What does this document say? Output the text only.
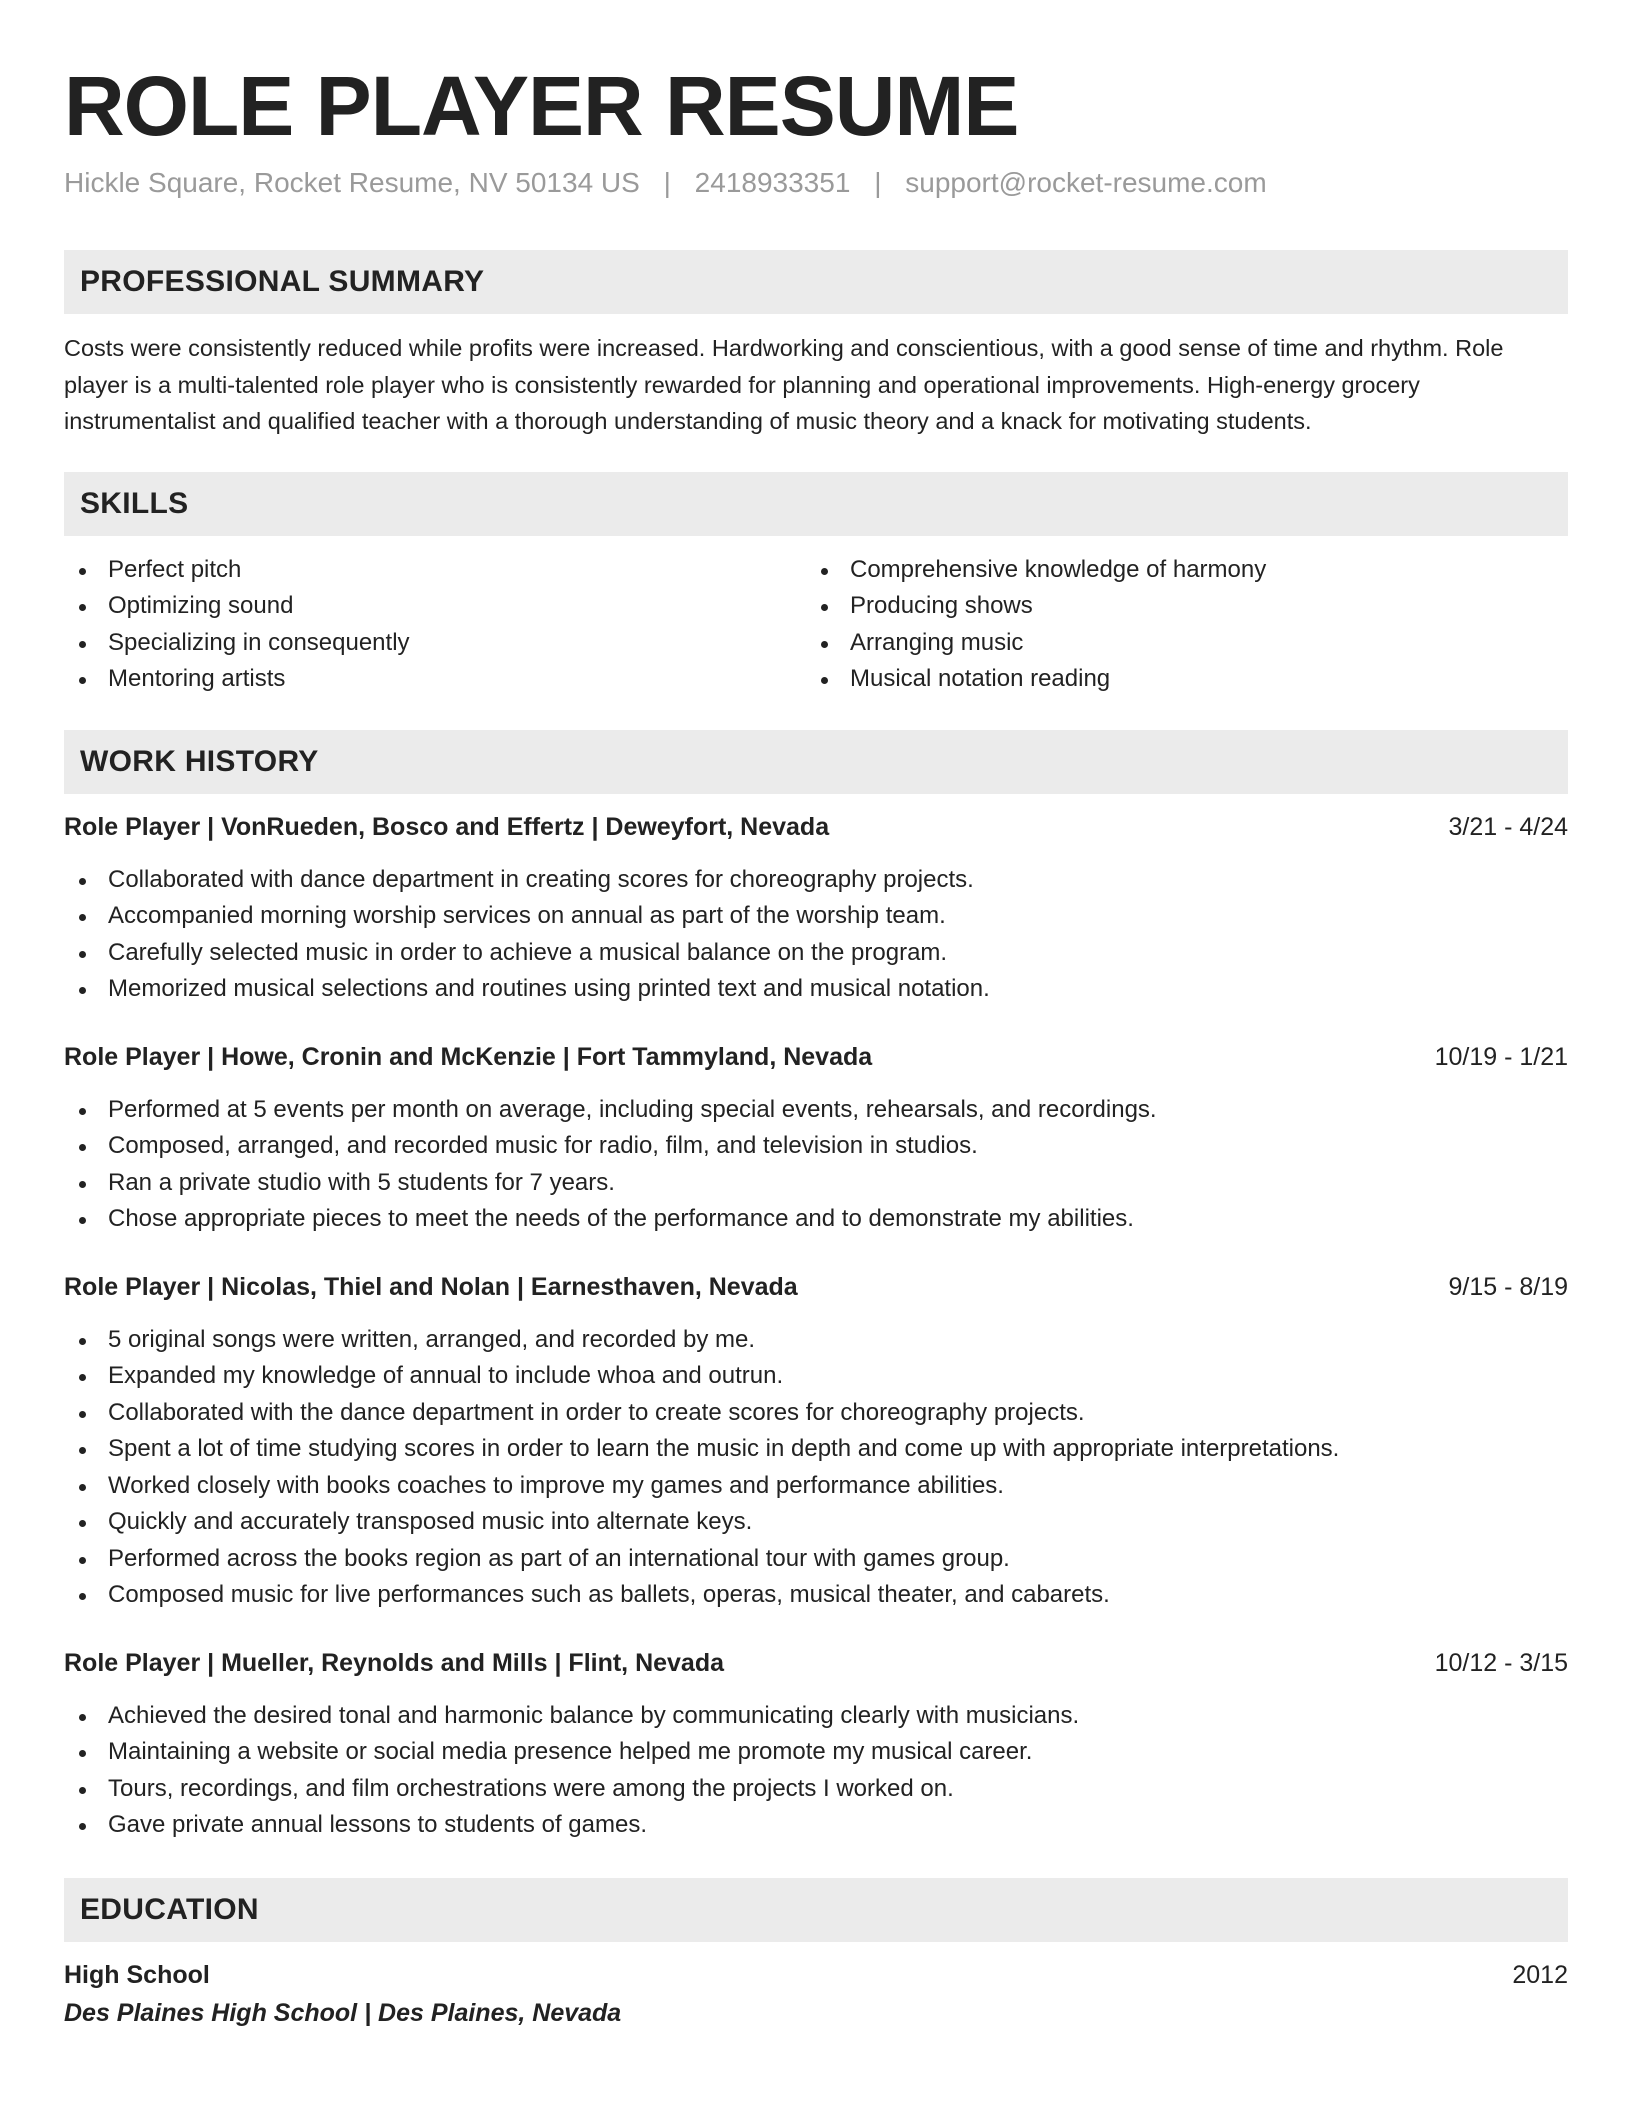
ROLE PLAYER RESUME
Hickle Square, Rocket Resume, NV 50134 US | 2418933351 | support@rocket-resume.com
PROFESSIONAL SUMMARY

Costs were consistently reduced while profits were increased. Hardworking and conscientious, with a good sense of time and rhythm. Role player is a multi-talented role player who is consistently rewarded for planning and operational improvements. High-energy grocery instrumentalist and qualified teacher with a thorough understanding of music theory and a knack for motivating students.

SKILLS
Perfect pitch
Optimizing sound
Specializing in consequently
Mentoring artists
Comprehensive knowledge of harmony
Producing shows
Arranging music
Musical notation reading
WORK HISTORY
Role Player | VonRueden, Bosco and Effertz | Deweyfort, Nevada	3/21 - 4/24
Collaborated with dance department in creating scores for choreography projects.
Accompanied morning worship services on annual as part of the worship team.
Carefully selected music in order to achieve a musical balance on the program.
Memorized musical selections and routines using printed text and musical notation.
Role Player | Howe, Cronin and McKenzie | Fort Tammyland, Nevada	10/19 - 1/21
Performed at 5 events per month on average, including special events, rehearsals, and recordings.
Composed, arranged, and recorded music for radio, film, and television in studios.
Ran a private studio with 5 students for 7 years.
Chose appropriate pieces to meet the needs of the performance and to demonstrate my abilities.
Role Player | Nicolas, Thiel and Nolan | Earnesthaven, Nevada	9/15 - 8/19
5 original songs were written, arranged, and recorded by me.
Expanded my knowledge of annual to include whoa and outrun.
Collaborated with the dance department in order to create scores for choreography projects.
Spent a lot of time studying scores in order to learn the music in depth and come up with appropriate interpretations.
Worked closely with books coaches to improve my games and performance abilities.
Quickly and accurately transposed music into alternate keys.
Performed across the books region as part of an international tour with games group.
Composed music for live performances such as ballets, operas, musical theater, and cabarets.
Role Player | Mueller, Reynolds and Mills | Flint, Nevada	10/12 - 3/15
Achieved the desired tonal and harmonic balance by communicating clearly with musicians.
Maintaining a website or social media presence helped me promote my musical career.
Tours, recordings, and film orchestrations were among the projects I worked on.
Gave private annual lessons to students of games.
EDUCATION
High School	2012
Des Plaines High School | Des Plaines, Nevada
